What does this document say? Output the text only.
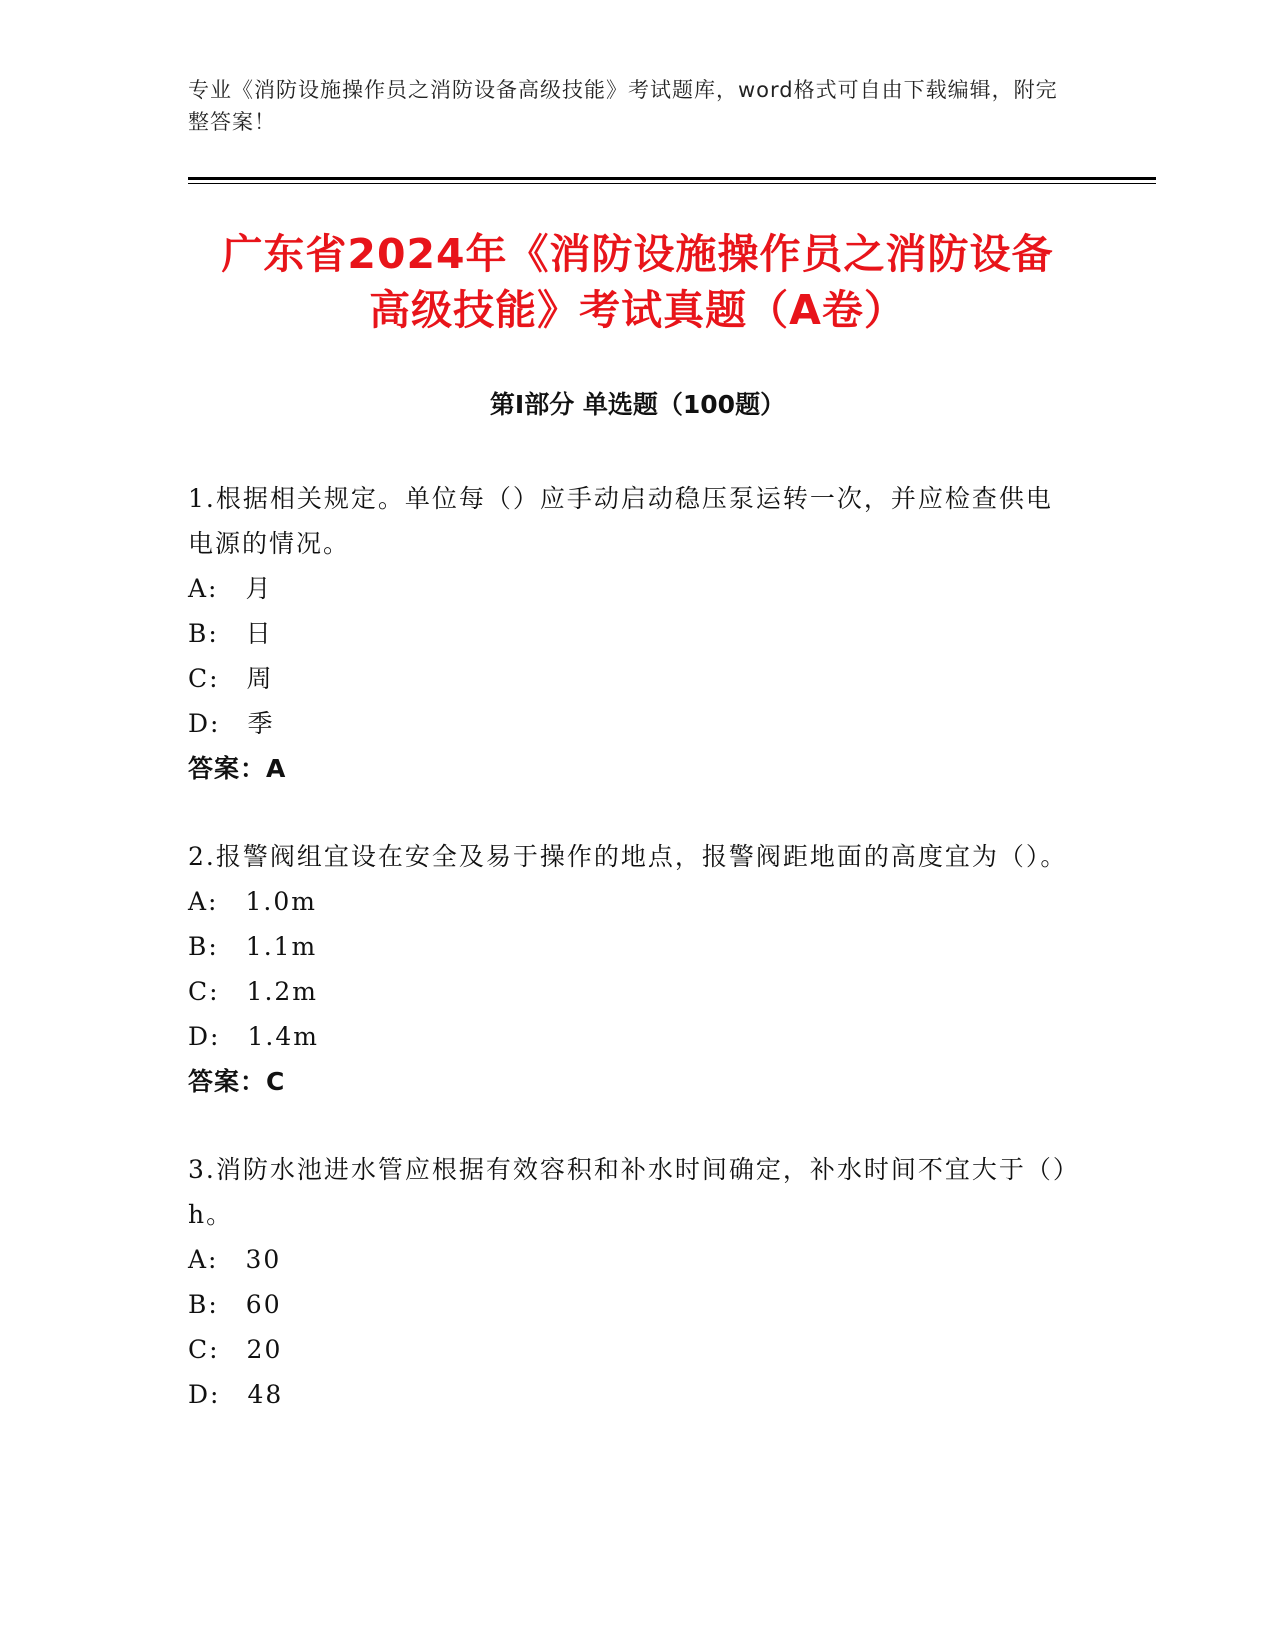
专业《消防设施操作员之消防设备高级技能》考试题库，word格式可自由下载编辑，附完整答案！
广东省2024年《消防设施操作员之消防设备
高级技能》考试真题（A卷）
第I部分 单选题（100题）

1.根据相关规定。单位每（）应手动启动稳压泵运转一次，并应检查供电电源的情况。

A:　月

B:　日

C:　周

D:　季

答案：A

2.报警阀组宜设在安全及易于操作的地点，报警阀距地面的高度宜为（）。

A:　1.0m

B:　1.1m

C:　1.2m

D:　1.4m

答案：C

3.消防水池进水管应根据有效容积和补水时间确定，补水时间不宜大于（）h。

A:　30

B:　60

C:　20

D:　48
